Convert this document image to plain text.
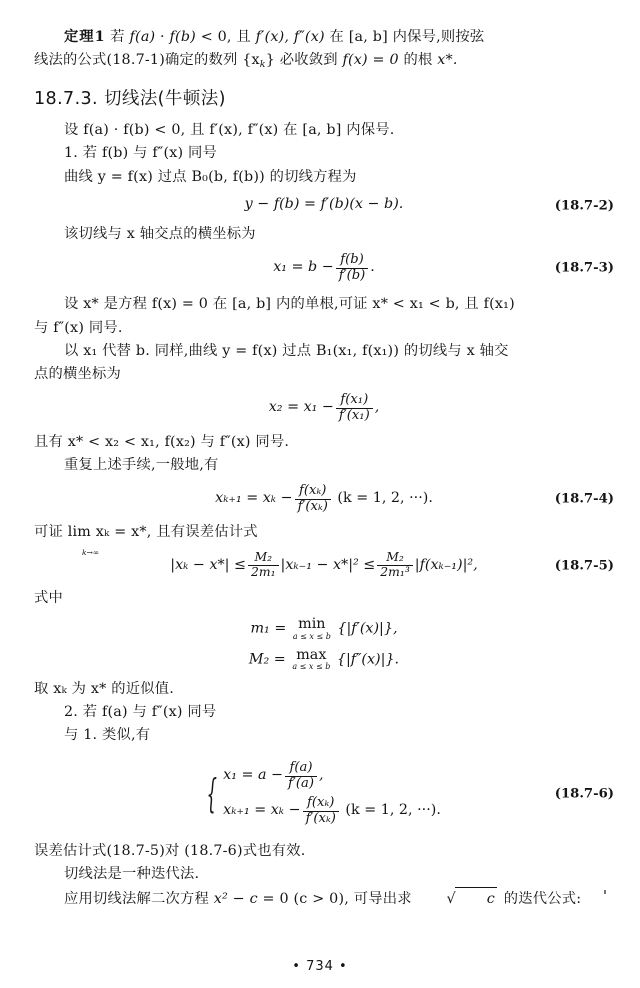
定理1 若 f(a) · f(b) < 0, 且 f′(x), f″(x) 在 [a, b] 内保号,则按弦

线法的公式(18.7-1)确定的数列 {xk} 必收敛到 f(x) = 0 的根 x*.

18.7.3. 切线法(牛顿法)

设 f(a) · f(b) < 0, 且 f′(x), f″(x) 在 [a, b] 内保号.

1. 若 f(b) 与 f″(x) 同号

曲线 y = f(x) 过点 B₀(b, f(b)) 的切线方程为

y − f(b) = f′(b)(x − b).	(18.7-2)

该切线与 x 轴交点的横坐标为

$x_1 = b - \frac{f(b)}{f'(b)}$ .	(18.7-3)

设 x* 是方程 f(x) = 0 在 [a, b] 内的单根,可证 x* < x₁ < b, 且 f(x₁)

与 f″(x) 同号.

以 x₁ 代替 b. 同样,曲线 y = f(x) 过点 B₁(x₁, f(x₁)) 的切线与 x 轴交

点的横坐标为

$x_2 = x_1 - \frac{\text{f(x₁)}}{\text{f′(x₁)}}$ ,

且有 x* < x₂ < x₁, f(x₂) 与 f″(x) 同号.

重复上述手续,一般地,有

$x_{k+1} = x_k - \frac{\text{f(xₖ)}}{\text{f′(xₖ)}} (k = 1$, 2, ···).	(18.7-4)

可证 lim xₖ = x*, 且有误差估计式

$|x_k - x*| \le \frac{\text{M₂}}{\text{2m₁}} |x_{k-1} - x*|^2 \le \frac{\text{M₂}}{\text{2m₁³}} |f(x_{k-1})|^2$,	(18.7-5)

式中

m₁ = min
a ≤ x ≤ b {|f′(x)|},
M₂ = max
a ≤ x ≤ b {|f″(x)|}.

取 xₖ 为 x* 的近似值.

2. 若 f(a) 与 f″(x) 同号

与 1. 类似,有

{ $x_1 = a - \frac{f(a)}{f'(a)}$ ,
$x_{k+1} = x_k - \frac{\text{f(xₖ)}}{\text{f′(xₖ)}} (k = 1$, 2, ···).
(18.7-6)

误差估计式(18.7-5)对 (18.7-6)式也有效.

切线法是一种迭代法.

应用切线法解二次方程 x² − c = 0 (c > 0), 可导出求 √ c 的迭代公式:

k→∞
• 734 •
